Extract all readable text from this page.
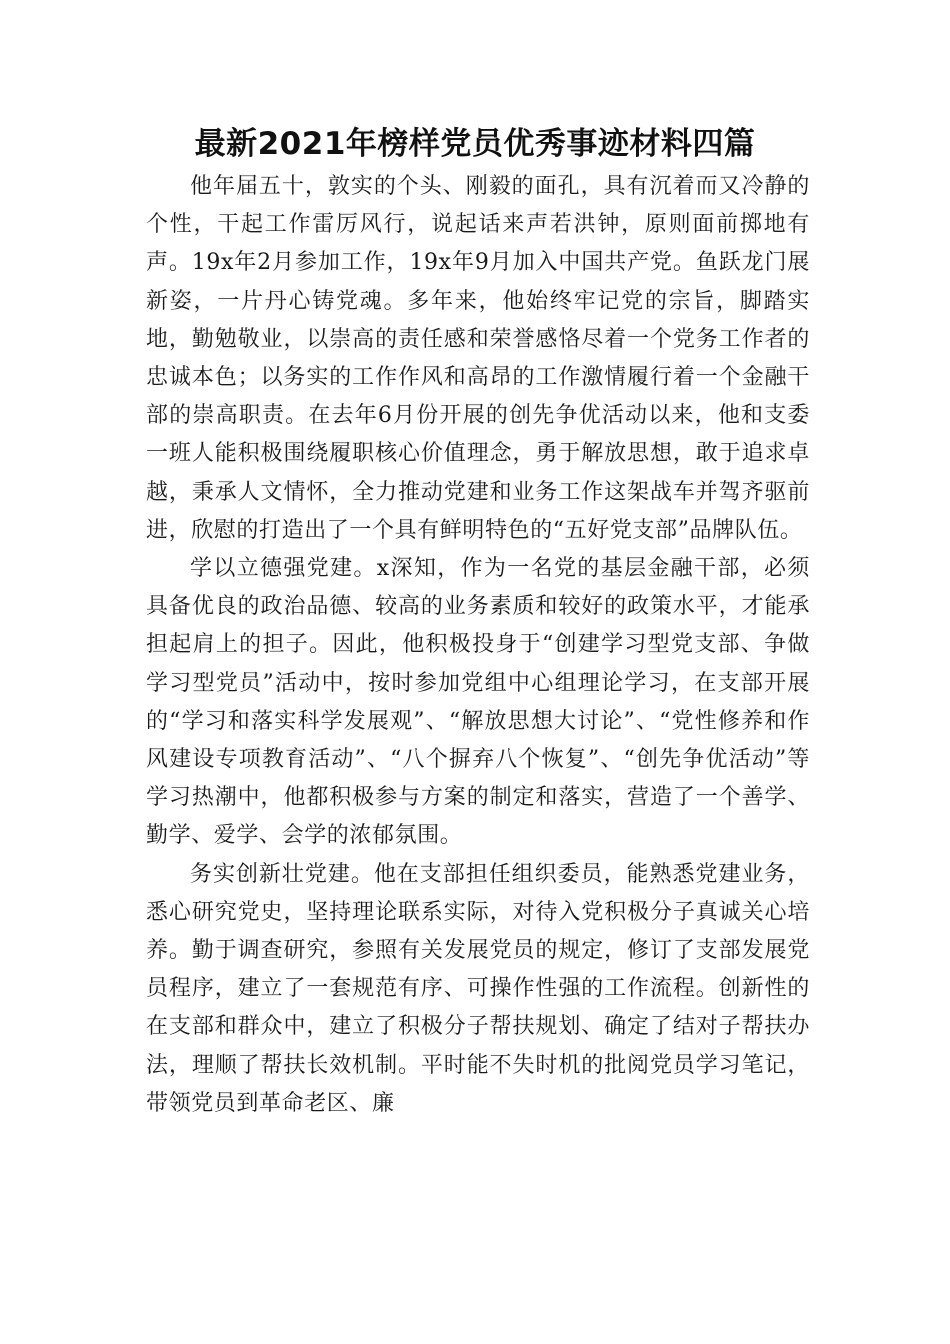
最新2021年榜样党员优秀事迹材料四篇

他年届五十，敦实的个头、刚毅的面孔，具有沉着而又冷静的个性，干起工作雷厉风行，说起话来声若洪钟，原则面前掷地有声。19x年2月参加工作，19x年9月加入中国共产党。鱼跃龙门展新姿，一片丹心铸党魂。多年来，他始终牢记党的宗旨，脚踏实地，勤勉敬业，以崇高的责任感和荣誉感恪尽着一个党务工作者的忠诚本色；以务实的工作作风和高昂的工作激情履行着一个金融干部的崇高职责。在去年6月份开展的创先争优活动以来，他和支委一班人能积极围绕履职核心价值理念，勇于解放思想，敢于追求卓越，秉承人文情怀，全力推动党建和业务工作这架战车并驾齐驱前进，欣慰的打造出了一个具有鲜明特色的“五好党支部”品牌队伍。

学以立德强党建。x深知，作为一名党的基层金融干部，必须具备优良的政治品德、较高的业务素质和较好的政策水平，才能承担起肩上的担子。因此，他积极投身于“创建学习型党支部、争做学习型党员”活动中，按时参加党组中心组理论学习，在支部开展的“学习和落实科学发展观”、“解放思想大讨论”、“党性修养和作风建设专项教育活动”、“八个摒弃八个恢复”、“创先争优活动”等学习热潮中，他都积极参与方案的制定和落实，营造了一个善学、勤学、爱学、会学的浓郁氛围。

务实创新壮党建。他在支部担任组织委员，能熟悉党建业务，悉心研究党史，坚持理论联系实际，对待入党积极分子真诚关心培养。勤于调查研究，参照有关发展党员的规定，修订了支部发展党员程序，建立了一套规范有序、可操作性强的工作流程。创新性的在支部和群众中，建立了积极分子帮扶规划、确定了结对子帮扶办法，理顺了帮扶长效机制。平时能不失时机的批阅党员学习笔记，带领党员到革命老区、廉
